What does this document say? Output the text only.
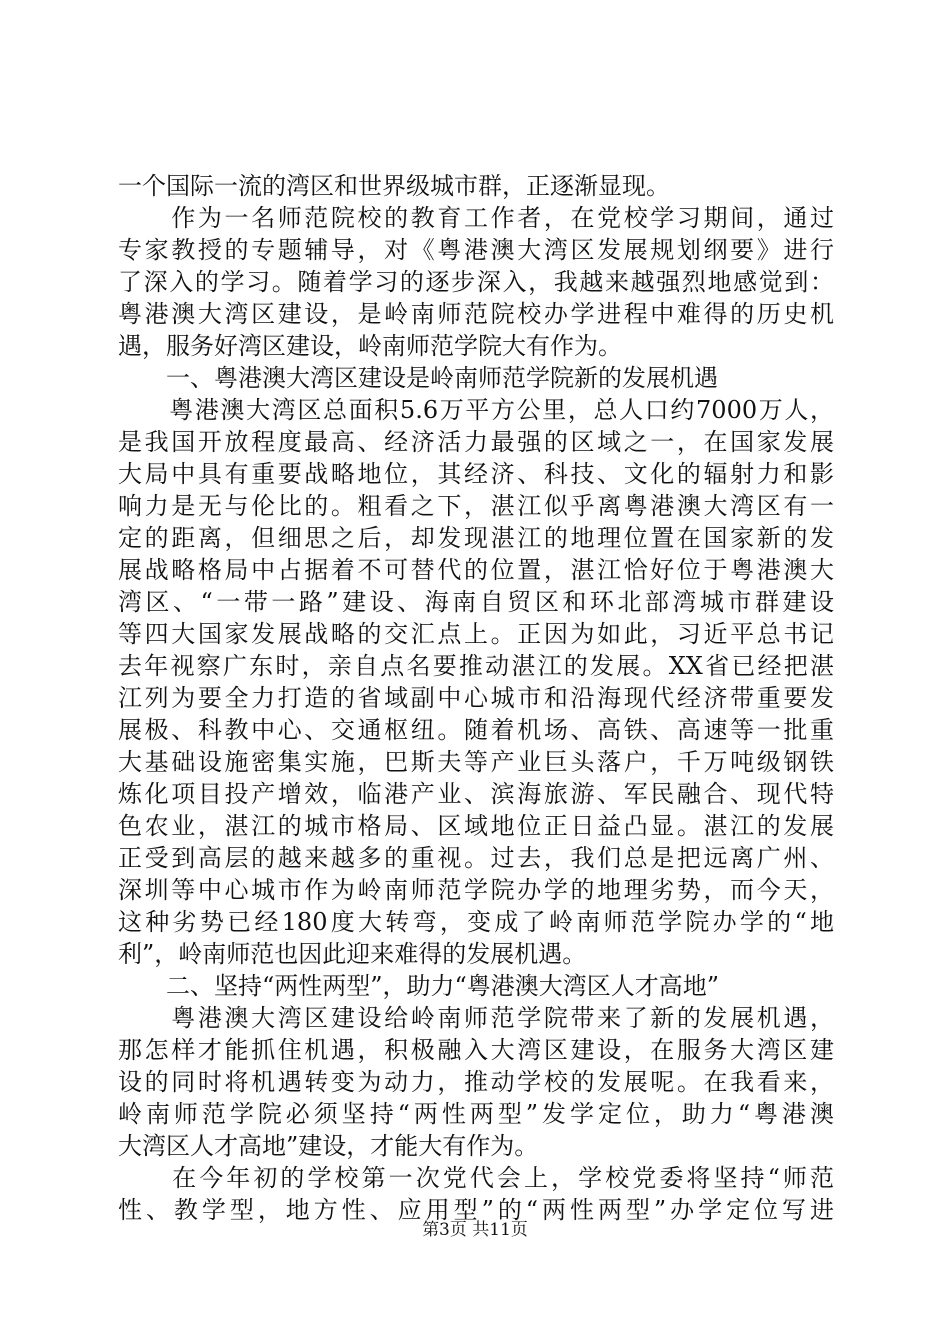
一个国际一流的湾区和世界级城市群，正逐渐显现。
　　作为一名师范院校的教育工作者，在党校学习期间，通过
专家教授的专题辅导，对《粤港澳大湾区发展规划纲要》进行
了深入的学习。随着学习的逐步深入，我越来越强烈地感觉到：
粤港澳大湾区建设，是岭南师范院校办学进程中难得的历史机
遇，服务好湾区建设，岭南师范学院大有作为。
　　一、粤港澳大湾区建设是岭南师范学院新的发展机遇
　　粤港澳大湾区总面积5.6万平方公里，总人口约7000万人，
是我国开放程度最高、经济活力最强的区域之一，在国家发展
大局中具有重要战略地位，其经济、科技、文化的辐射力和影
响力是无与伦比的。粗看之下，湛江似乎离粤港澳大湾区有一
定的距离，但细思之后，却发现湛江的地理位置在国家新的发
展战略格局中占据着不可替代的位置，湛江恰好位于粤港澳大
湾区、“一带一路”建设、海南自贸区和环北部湾城市群建设
等四大国家发展战略的交汇点上。正因为如此，习近平总书记
去年视察广东时，亲自点名要推动湛江的发展。XX省已经把湛
江列为要全力打造的省域副中心城市和沿海现代经济带重要发
展极、科教中心、交通枢纽。随着机场、高铁、高速等一批重
大基础设施密集实施，巴斯夫等产业巨头落户，千万吨级钢铁
炼化项目投产增效，临港产业、滨海旅游、军民融合、现代特
色农业，湛江的城市格局、区域地位正日益凸显。湛江的发展
正受到高层的越来越多的重视。过去，我们总是把远离广州、
深圳等中心城市作为岭南师范学院办学的地理劣势，而今天，
这种劣势已经180度大转弯，变成了岭南师范学院办学的“地
利”，岭南师范也因此迎来难得的发展机遇。
　　二、坚持“两性两型”，助力“粤港澳大湾区人才高地”
　　粤港澳大湾区建设给岭南师范学院带来了新的发展机遇，
那怎样才能抓住机遇，积极融入大湾区建设，在服务大湾区建
设的同时将机遇转变为动力，推动学校的发展呢。在我看来，
岭南师范学院必须坚持“两性两型”发学定位，助力“粤港澳
大湾区人才高地”建设，才能大有作为。
　　在今年初的学校第一次党代会上，学校党委将坚持“师范
性、教学型，地方性、应用型”的“两性两型”办学定位写进
第3页 共11页
